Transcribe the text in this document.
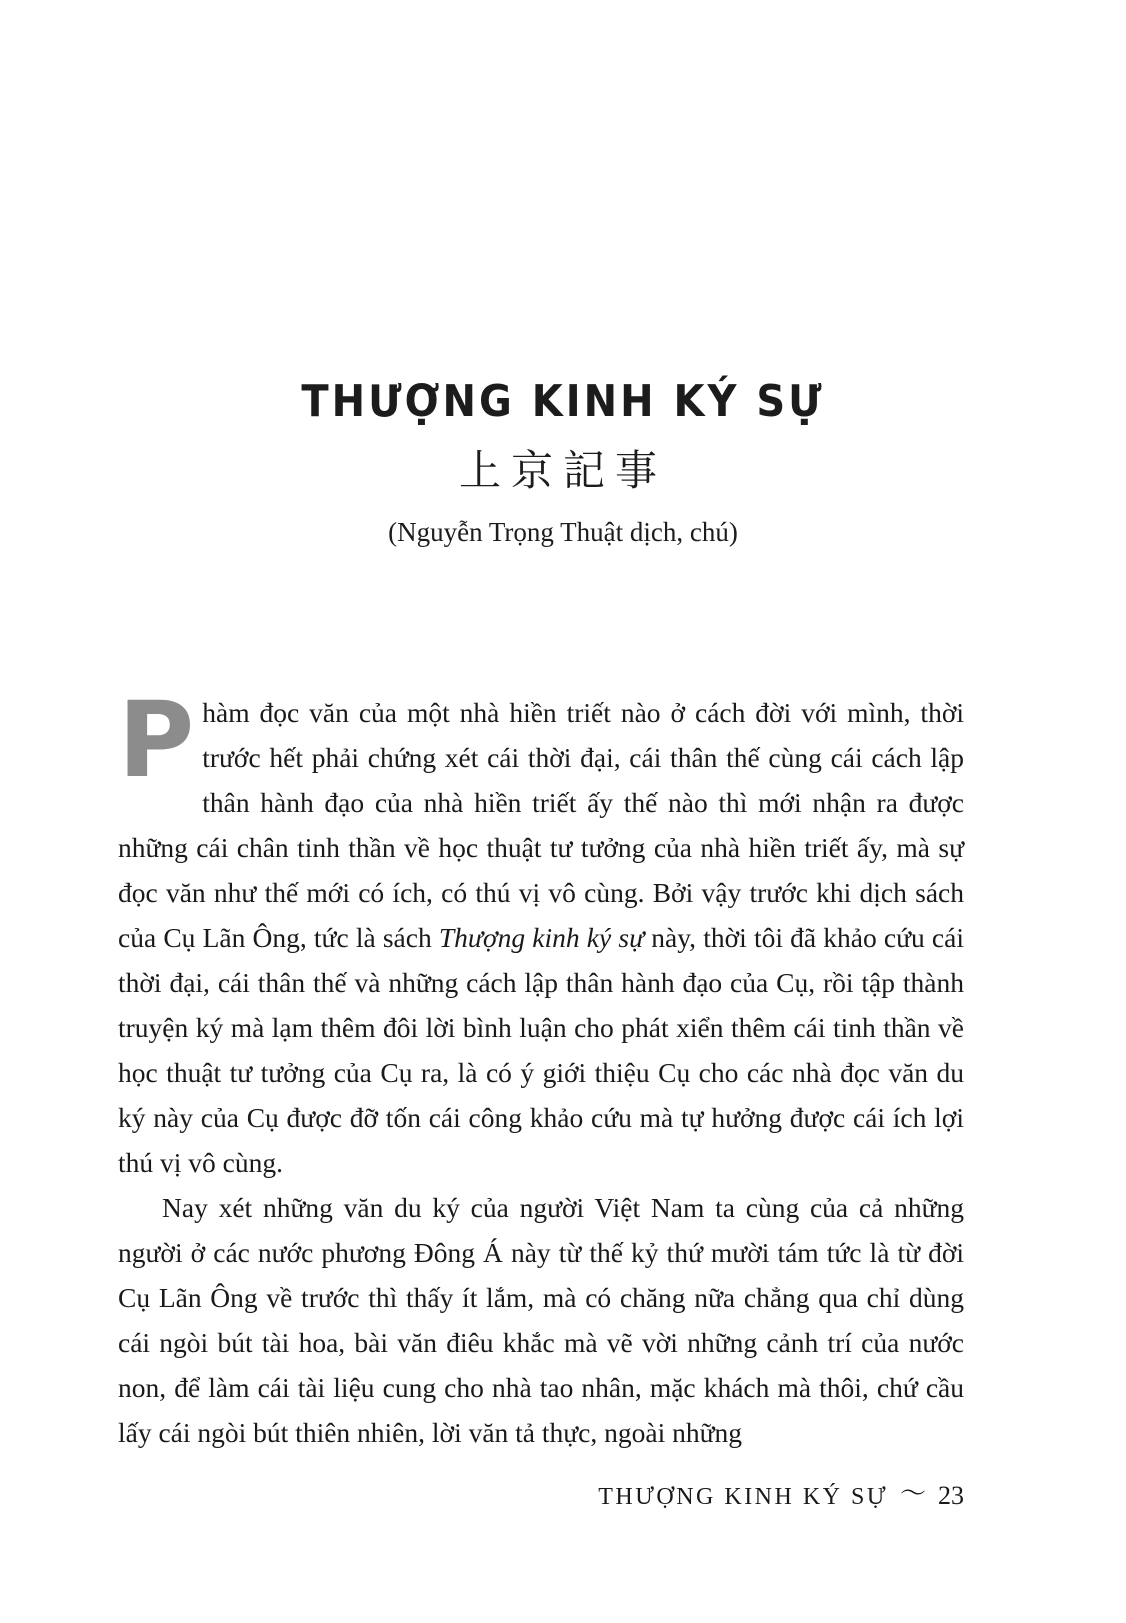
THƯỢNG KINH KÝ SỰ
上京記事
(Nguyễn Trọng Thuật dịch, chú)

Phàm đọc văn của một nhà hiền triết nào ở cách đời với mình, thời trước hết phải chứng xét cái thời đại, cái thân thế cùng cái cách lập thân hành đạo của nhà hiền triết ấy thế nào thì mới nhận ra được những cái chân tinh thần về học thuật tư tưởng của nhà hiền triết ấy, mà sự đọc văn như thế mới có ích, có thú vị vô cùng. Bởi vậy trước khi dịch sách của Cụ Lãn Ông, tức là sách Thượng kinh ký sự này, thời tôi đã khảo cứu cái thời đại, cái thân thế và những cách lập thân hành đạo của Cụ, rồi tập thành truyện ký mà lạm thêm đôi lời bình luận cho phát xiển thêm cái tinh thần về học thuật tư tưởng của Cụ ra, là có ý giới thiệu Cụ cho các nhà đọc văn du ký này của Cụ được đỡ tốn cái công khảo cứu mà tự hưởng được cái ích lợi thú vị vô cùng.

Nay xét những văn du ký của người Việt Nam ta cùng của cả những người ở các nước phương Đông Á này từ thế kỷ thứ mười tám tức là từ đời Cụ Lãn Ông về trước thì thấy ít lắm, mà có chăng nữa chẳng qua chỉ dùng cái ngòi bút tài hoa, bài văn điêu khắc mà vẽ vời những cảnh trí của nước non, để làm cái tài liệu cung cho nhà tao nhân, mặc khách mà thôi, chứ cầu lấy cái ngòi bút thiên nhiên, lời văn tả thực, ngoài những

THƯỢNG KINH KÝ SỰ 〜 23
